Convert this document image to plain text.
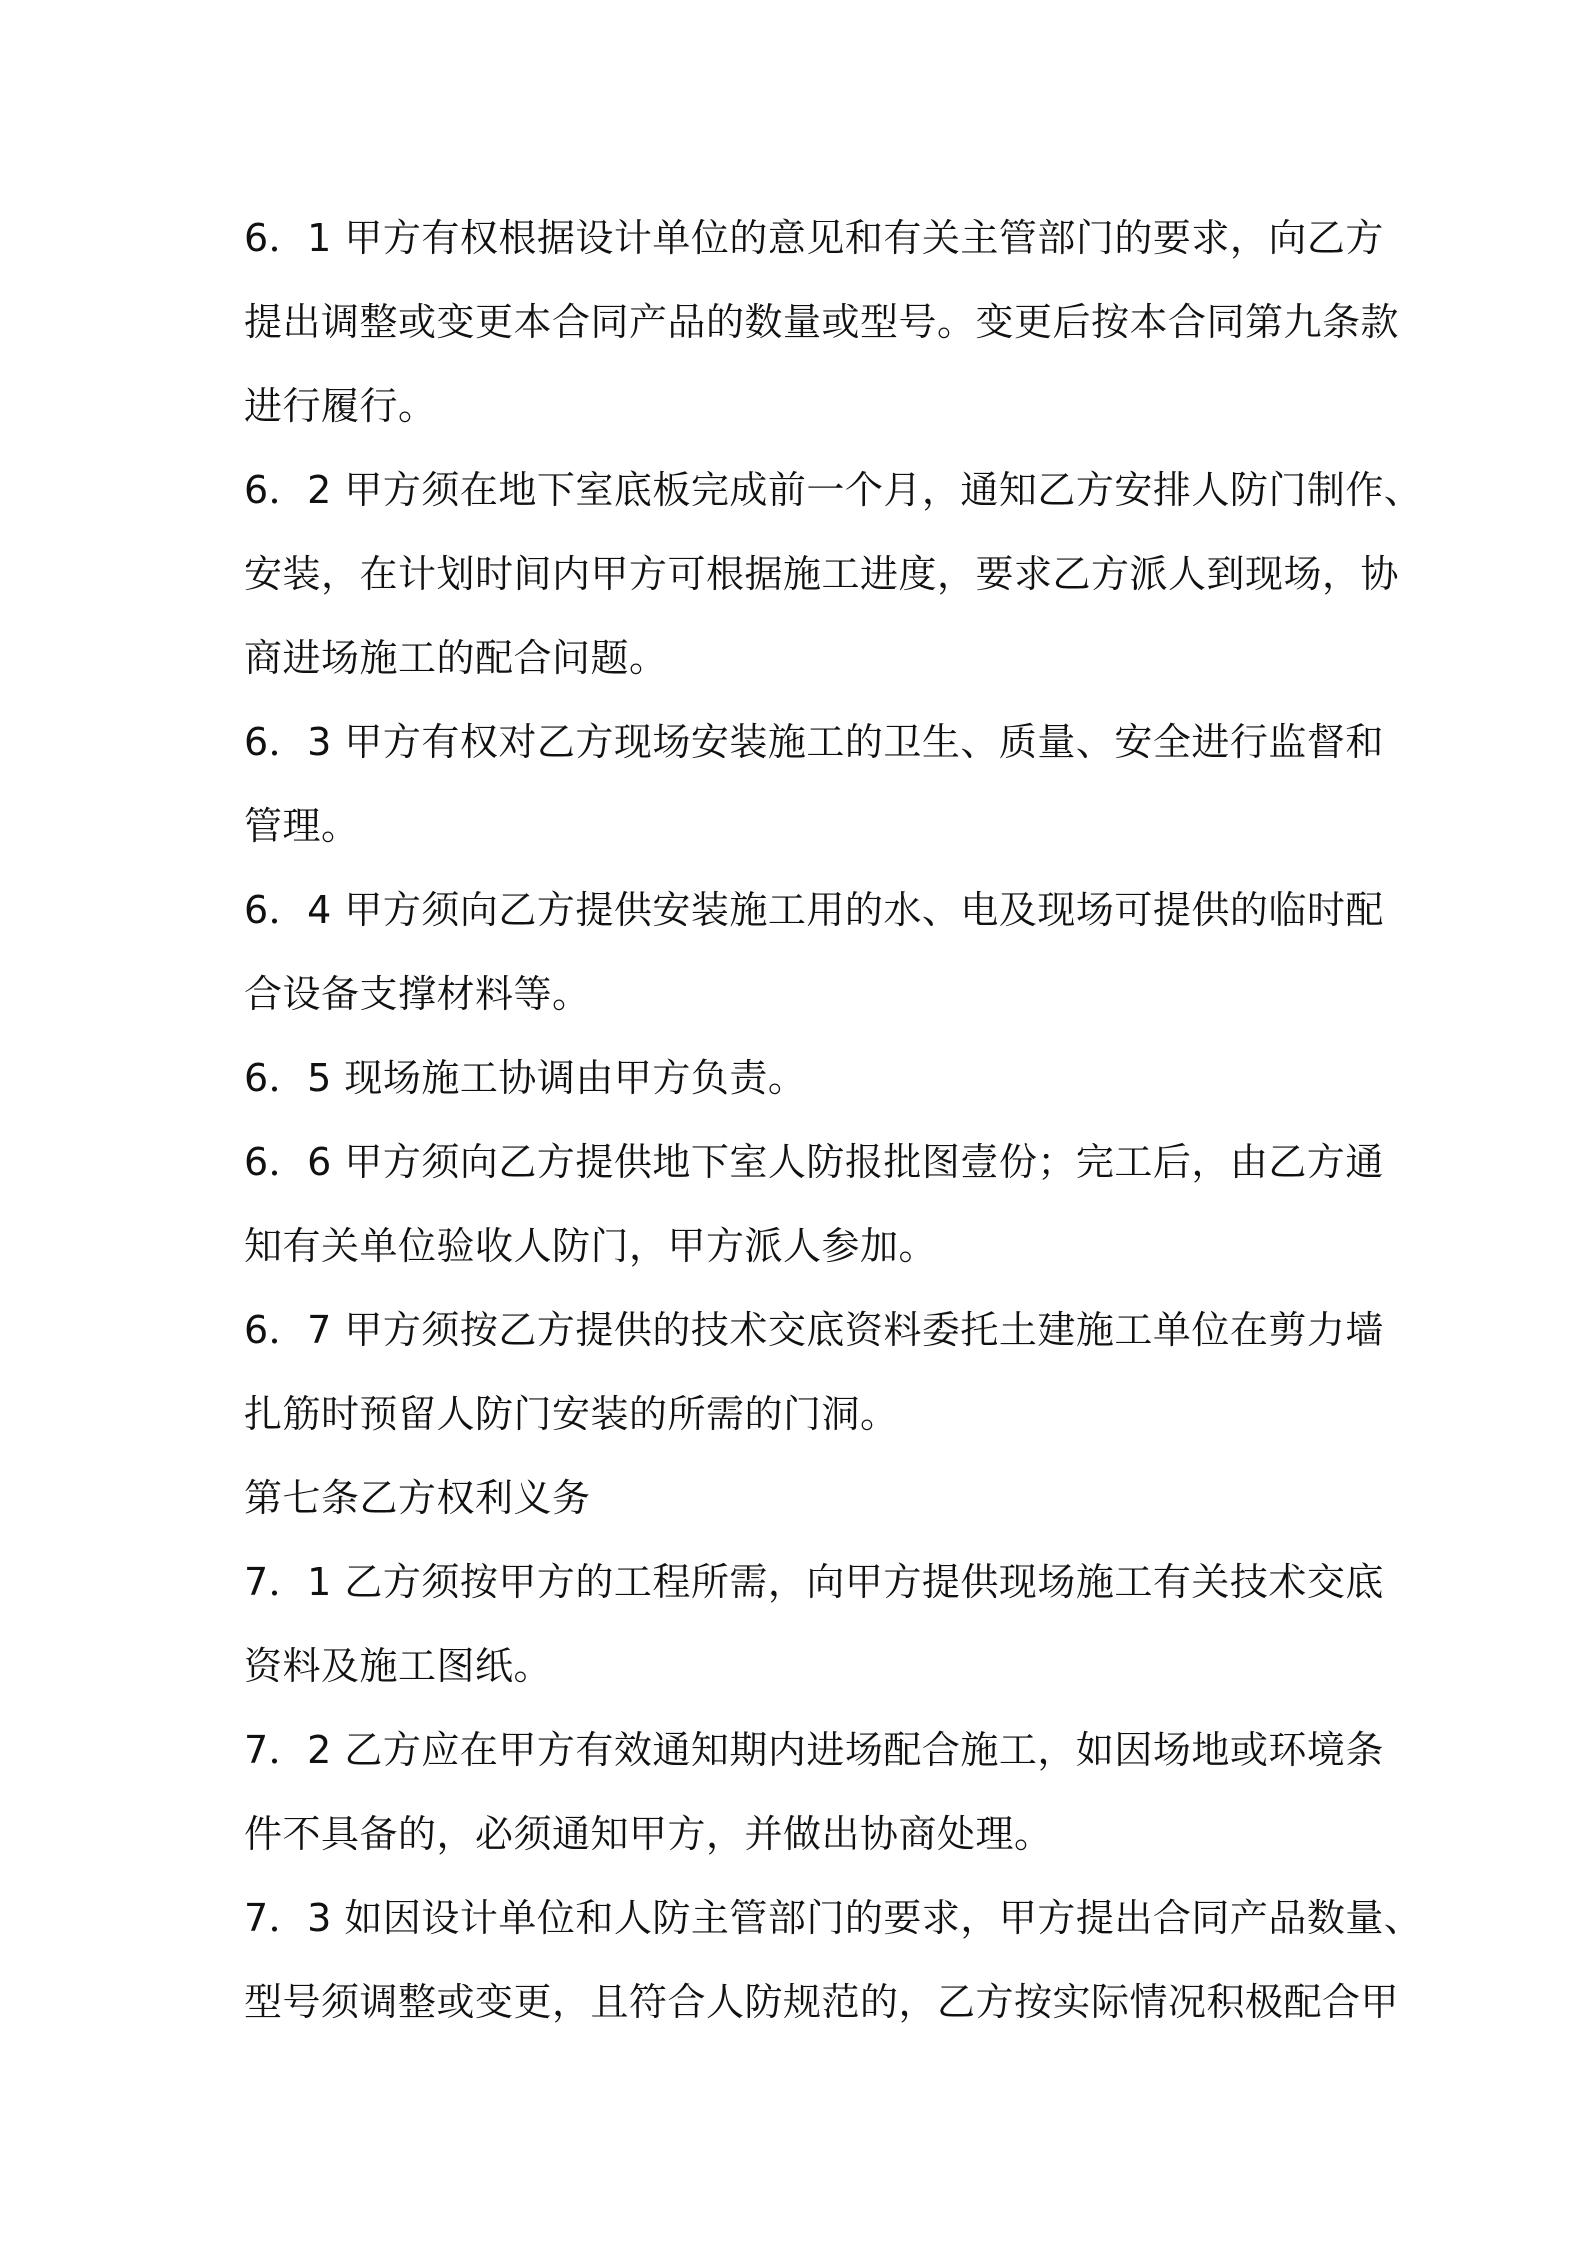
6．1 甲方有权根据设计单位的意见和有关主管部门的要求，向乙方
提出调整或变更本合同产品的数量或型号。变更后按本合同第九条款
进行履行。
6．2 甲方须在地下室底板完成前一个月，通知乙方安排人防门制作、
安装，在计划时间内甲方可根据施工进度，要求乙方派人到现场，协
商进场施工的配合问题。
6．3 甲方有权对乙方现场安装施工的卫生、质量、安全进行监督和
管理。
6．4 甲方须向乙方提供安装施工用的水、电及现场可提供的临时配
合设备支撑材料等。
6．5 现场施工协调由甲方负责。
6．6 甲方须向乙方提供地下室人防报批图壹份；完工后，由乙方通
知有关单位验收人防门，甲方派人参加。
6．7 甲方须按乙方提供的技术交底资料委托土建施工单位在剪力墙
扎筋时预留人防门安装的所需的门洞。
第七条乙方权利义务
7．1 乙方须按甲方的工程所需，向甲方提供现场施工有关技术交底
资料及施工图纸。
7．2 乙方应在甲方有效通知期内进场配合施工，如因场地或环境条
件不具备的，必须通知甲方，并做出协商处理。
7．3 如因设计单位和人防主管部门的要求，甲方提出合同产品数量、
型号须调整或变更，且符合人防规范的，乙方按实际情况积极配合甲
